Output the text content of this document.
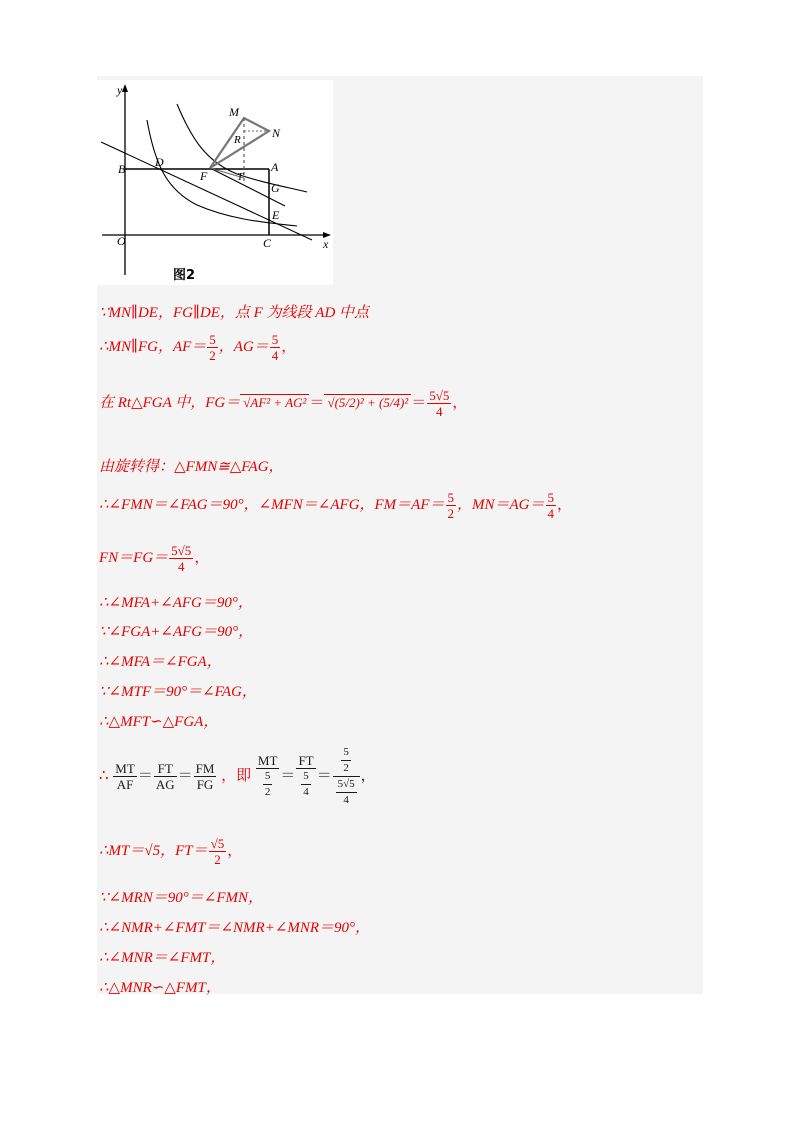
y
x
O
B D
F
A
T
G
E
C
M
N
R
图2
∵MN∥DE，FG∥DE，点 F 为线段 AD 中点
∴MN∥FG，$AF= \frac{5}{2}$ ，$AG= \frac{5}{4}$ ，
在 Rt△FGA 中，$FG= √AF^2 + AG^2 = √(5/2)^2 + (5/4)^2 = \frac{5√5}{4}$ ，
由旋转得：△FMN≅△FAG，
∴∠FMN＝∠FAG＝90°，∠MFN＝∠AFG，$FM=AF= \frac{5}{2}$ ，$MN=AG= \frac{5}{4}$ ，
$FN=FG= \frac{5√5}{4}$ ，
∴∠MFA+∠AFG＝90°，
∵∠FGA+∠AFG＝90°，
∴∠MFA＝∠FGA，
∵∠MTF＝90°＝∠FAG，
∴△MFT∽△FGA，
∴ $\frac{MT}{AF} = \frac{FT}{AG} = \frac{FM}{FG}$ ，即 $\frac{MT}{\frac{5}{2}} = \frac{FT}{\frac{5}{4}} = \frac{\frac{5}{2}}{\frac{5√5}{4}}$ ，
∴MT＝√5，$FT= \frac{√5}{2}$ ，
∵∠MRN＝90°＝∠FMN，
∴∠NMR+∠FMT＝∠NMR+∠MNR＝90°，
∴∠MNR＝∠FMT，
∴△MNR∽△FMT，
